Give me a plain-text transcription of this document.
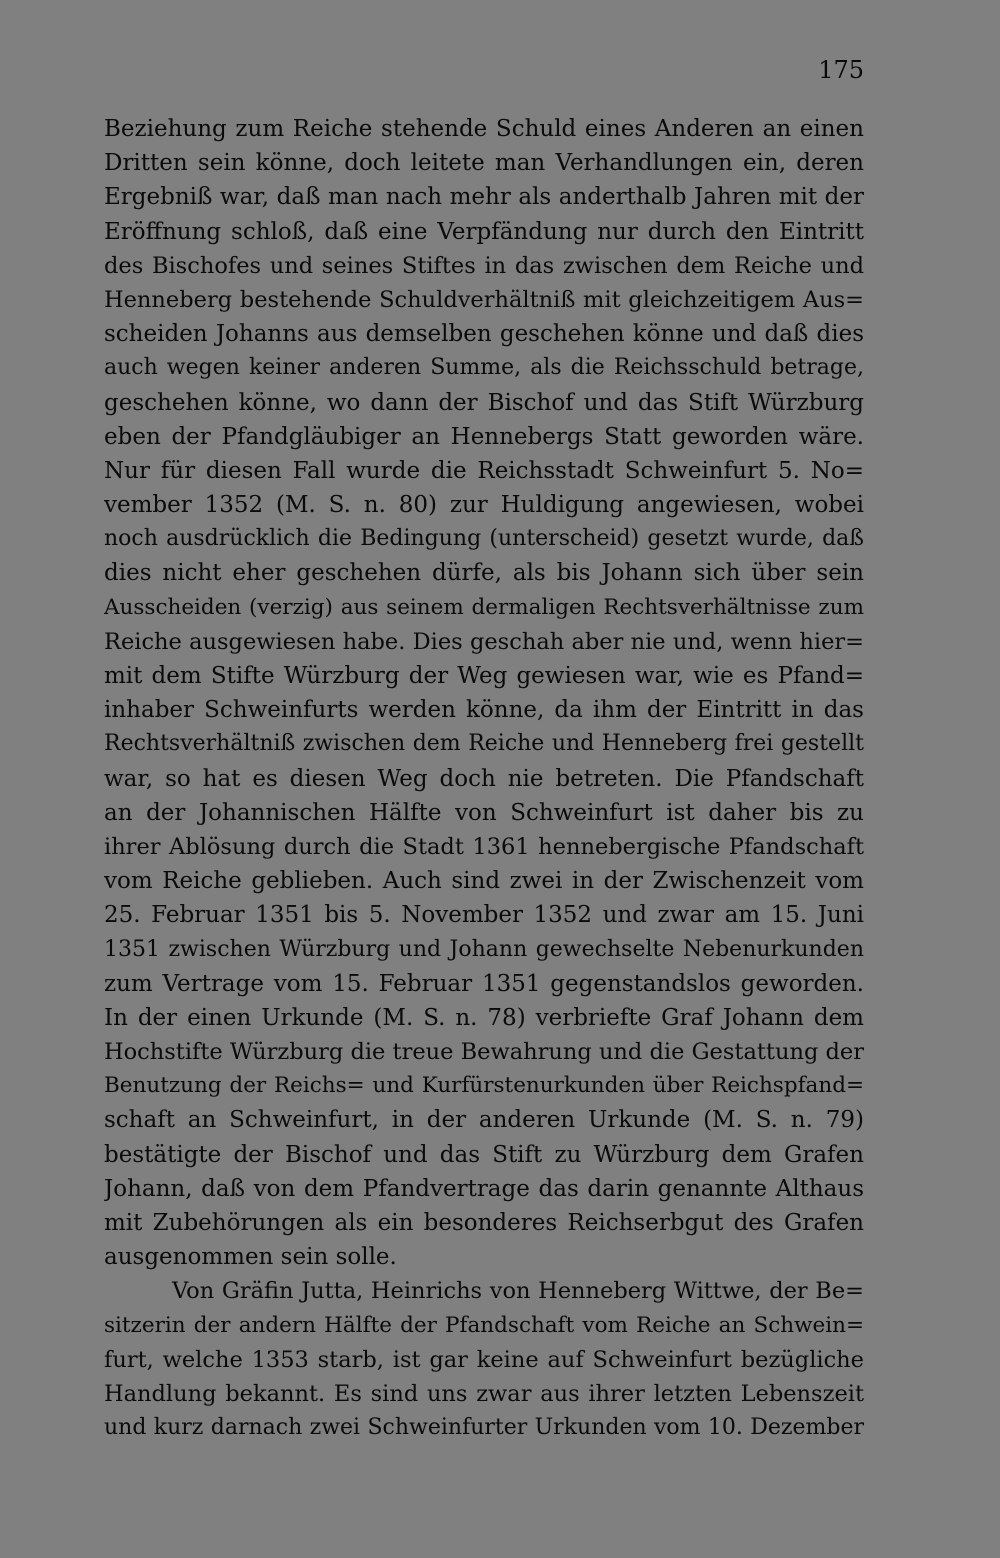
175
Beziehung zum Reiche stehende Schuld eines Anderen an einen
Dritten sein könne, doch leitete man Verhandlungen ein, deren
Ergebniß war, daß man nach mehr als anderthalb Jahren mit der
Eröffnung schloß, daß eine Verpfändung nur durch den Eintritt
des Bischofes und seines Stiftes in das zwischen dem Reiche und
Henneberg bestehende Schuldverhältniß mit gleichzeitigem Aus=
scheiden Johanns aus demselben geschehen könne und daß dies
auch wegen keiner anderen Summe, als die Reichsschuld betrage,
geschehen könne, wo dann der Bischof und das Stift Würzburg
eben der Pfandgläubiger an Hennebergs Statt geworden wäre.
Nur für diesen Fall wurde die Reichsstadt Schweinfurt 5. No=
vember 1352 (M. S. n. 80) zur Huldigung angewiesen, wobei
noch ausdrücklich die Bedingung (unterscheid) gesetzt wurde, daß
dies nicht eher geschehen dürfe, als bis Johann sich über sein
Ausscheiden (verzig) aus seinem dermaligen Rechtsverhältnisse zum
Reiche ausgewiesen habe. Dies geschah aber nie und, wenn hier=
mit dem Stifte Würzburg der Weg gewiesen war, wie es Pfand=
inhaber Schweinfurts werden könne, da ihm der Eintritt in das
Rechtsverhältniß zwischen dem Reiche und Henneberg frei gestellt
war, so hat es diesen Weg doch nie betreten. Die Pfandschaft
an der Johannischen Hälfte von Schweinfurt ist daher bis zu
ihrer Ablösung durch die Stadt 1361 hennebergische Pfandschaft
vom Reiche geblieben. Auch sind zwei in der Zwischenzeit vom
25. Februar 1351 bis 5. November 1352 und zwar am 15. Juni
1351 zwischen Würzburg und Johann gewechselte Nebenurkunden
zum Vertrage vom 15. Februar 1351 gegenstandslos geworden.
In der einen Urkunde (M. S. n. 78) verbriefte Graf Johann dem
Hochstifte Würzburg die treue Bewahrung und die Gestattung der
Benutzung der Reichs= und Kurfürstenurkunden über Reichspfand=
schaft an Schweinfurt, in der anderen Urkunde (M. S. n. 79)
bestätigte der Bischof und das Stift zu Würzburg dem Grafen
Johann, daß von dem Pfandvertrage das darin genannte Althaus
mit Zubehörungen als ein besonderes Reichserbgut des Grafen
ausgenommen sein solle.
Von Gräfin Jutta, Heinrichs von Henneberg Wittwe, der Be=
sitzerin der andern Hälfte der Pfandschaft vom Reiche an Schwein=
furt, welche 1353 starb, ist gar keine auf Schweinfurt bezügliche
Handlung bekannt. Es sind uns zwar aus ihrer letzten Lebenszeit
und kurz darnach zwei Schweinfurter Urkunden vom 10. Dezember
